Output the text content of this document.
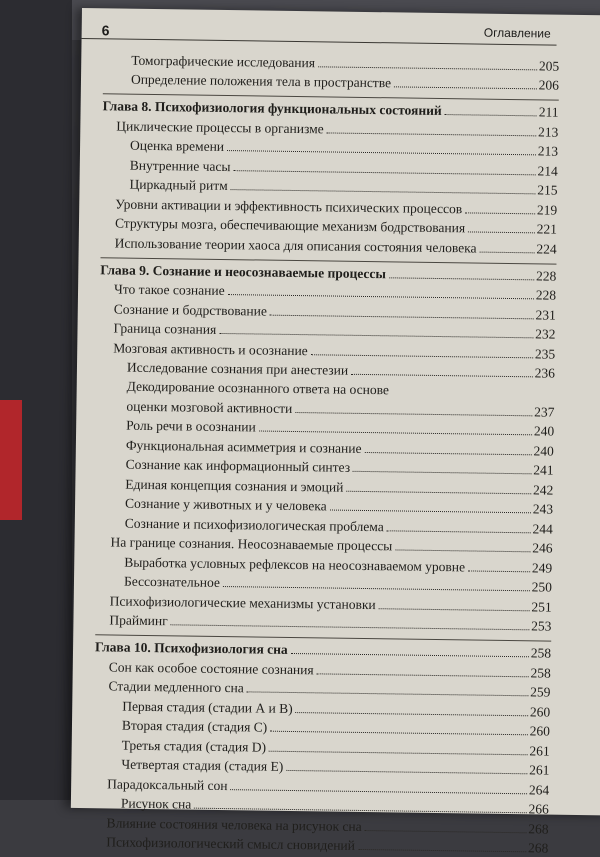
6	Оглавление
Томографические исследования	205
Определение положения тела в пространстве	206
Глава 8. Психофизиология функциональных состояний	211
Циклические процессы в организме	213
Оценка времени	213
Внутренние часы	214
Циркадный ритм	215
Уровни активации и эффективность психических процессов	219
Структуры мозга, обеспечивающие механизм бодрствования	221
Использование теории хаоса для описания состояния человека	224
Глава 9. Сознание и неосознаваемые процессы	228
Что такое сознание	228
Сознание и бодрствование	231
Граница сознания	232
Мозговая активность и осознание	235
Исследование сознания при анестезии	236
Декодирование осознанного ответа на основе
оценки мозговой активности	237
Роль речи в осознании	240
Функциональная асимметрия и сознание	240
Сознание как информационный синтез	241
Единая концепция сознания и эмоций	242
Сознание у животных и у человека	243
Сознание и психофизиологическая проблема	244
На границе сознания. Неосознаваемые процессы	246
Выработка условных рефлексов на неосознаваемом уровне	249
Бессознательное	250
Психофизиологические механизмы установки	251
Прайминг	253
Глава 10. Психофизиология сна	258
Сон как особое состояние сознания	258
Стадии медленного сна	259
Первая стадия (стадии А и В)	260
Вторая стадия (стадия С)	260
Третья стадия (стадия D)	261
Четвертая стадия (стадия Е)	261
Парадоксальный сон	264
Рисунок сна	266
Влияние состояния человека на рисунок сна	268
Психофизиологический смысл сновидений	268
